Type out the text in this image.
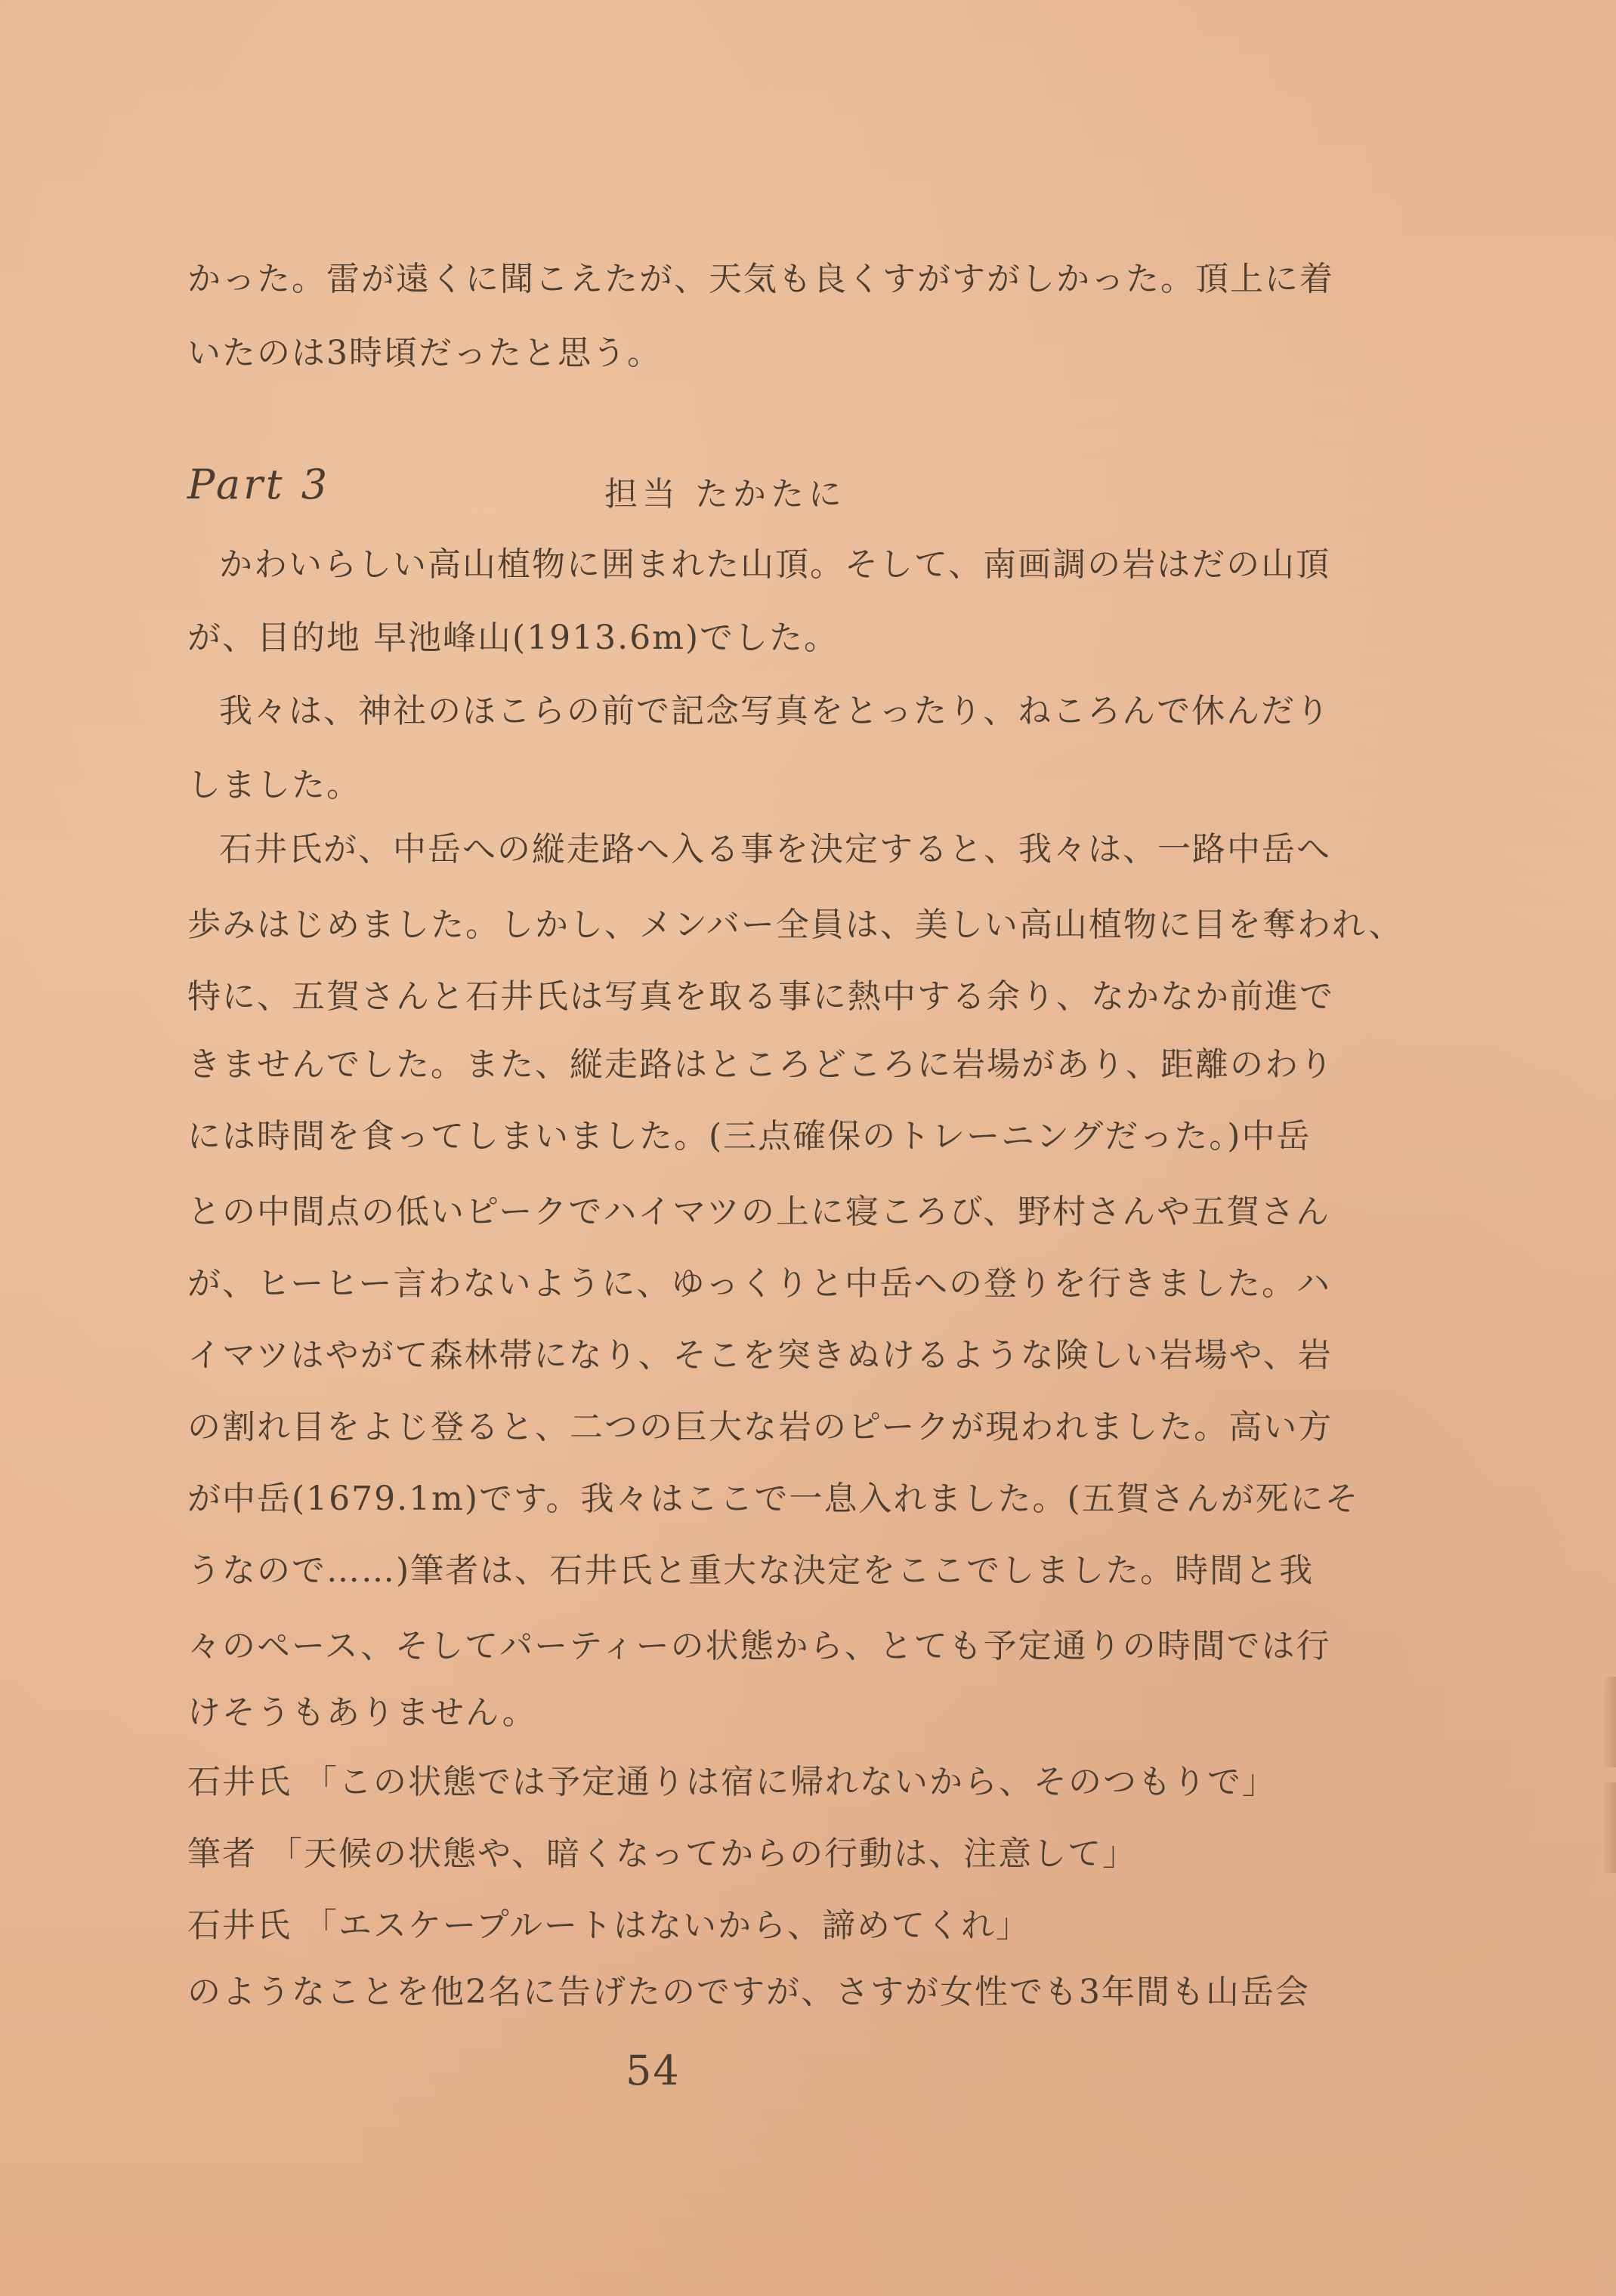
かった。雷が遠くに聞こえたが、天気も良くすがすがしかった。頂上に着
いたのは3時頃だったと思う。
Part 3	担当 たかたに
かわいらしい高山植物に囲まれた山頂。そして、南画調の岩はだの山頂
が、目的地 早池峰山(1913.6m)でした。
我々は、神社のほこらの前で記念写真をとったり、ねころんで休んだり
しました。
石井氏が、中岳への縦走路へ入る事を決定すると、我々は、一路中岳へ
歩みはじめました。しかし、メンバー全員は、美しい高山植物に目を奪われ、
特に、五賀さんと石井氏は写真を取る事に熱中する余り、なかなか前進で
きませんでした。また、縦走路はところどころに岩場があり、距離のわり
には時間を食ってしまいました。(三点確保のトレーニングだった。)中岳
との中間点の低いピークでハイマツの上に寝ころび、野村さんや五賀さん
が、ヒーヒー言わないように、ゆっくりと中岳への登りを行きました。ハ
イマツはやがて森林帯になり、そこを突きぬけるような険しい岩場や、岩
の割れ目をよじ登ると、二つの巨大な岩のピークが現われました。高い方
が中岳(1679.1m)です。我々はここで一息入れました。(五賀さんが死にそ
うなので……)筆者は、石井氏と重大な決定をここでしました。時間と我
々のペース、そしてパーティーの状態から、とても予定通りの時間では行
けそうもありません。
石井氏 「この状態では予定通りは宿に帰れないから、そのつもりで」
筆者 「天候の状態や、暗くなってからの行動は、注意して」
石井氏 「エスケープルートはないから、諦めてくれ」
のようなことを他2名に告げたのですが、さすが女性でも3年間も山岳会
54
